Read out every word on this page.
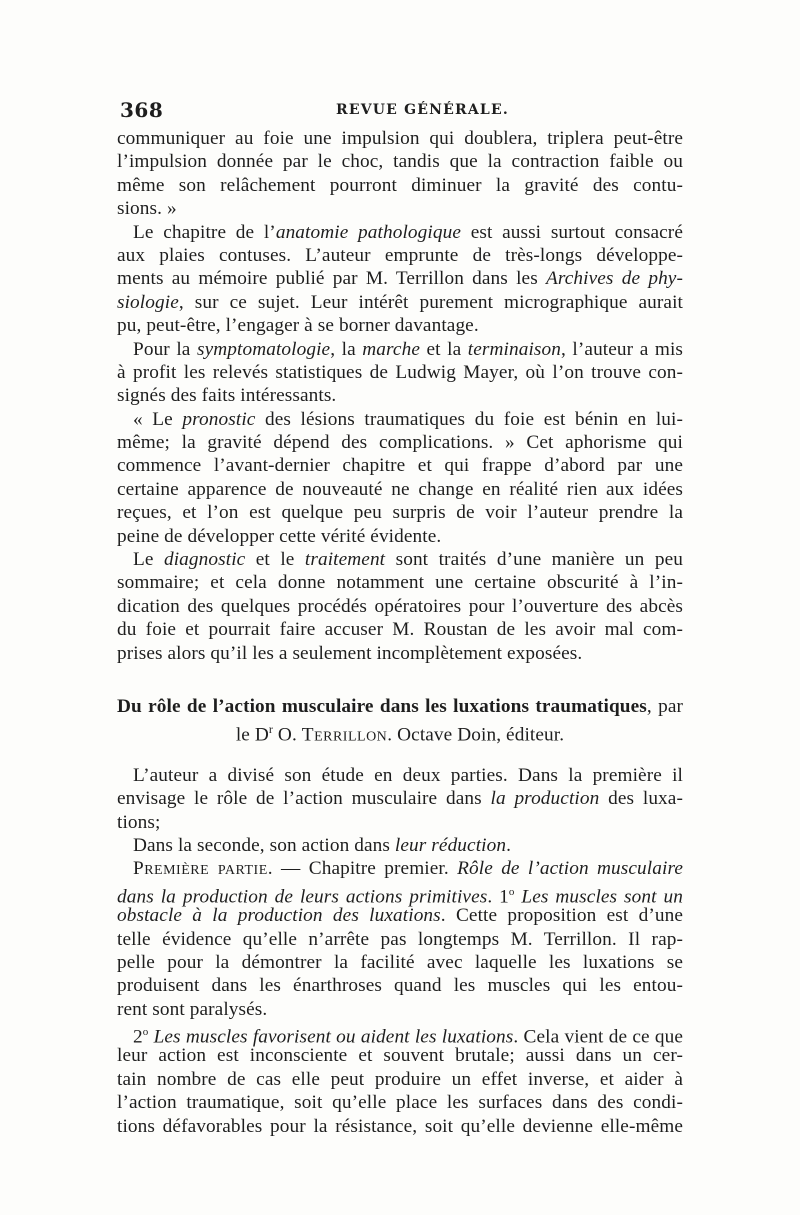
368	REVUE GÉNÉRALE.
communiquer au foie une impulsion qui doublera, triplera peut-être
l’impulsion donnée par le choc, tandis que la contraction faible ou
même son relâchement pourront diminuer la gravité des contu-
sions. »
Le chapitre de l’anatomie pathologique est aussi surtout consacré
aux plaies contuses. L’auteur emprunte de très-longs développe-
ments au mémoire publié par M. Terrillon dans les Archives de phy-
siologie, sur ce sujet. Leur intérêt purement micrographique aurait
pu, peut-être, l’engager à se borner davantage.
Pour la symptomatologie, la marche et la terminaison, l’auteur a mis
à profit les relevés statistiques de Ludwig Mayer, où l’on trouve con-
signés des faits intéressants.
« Le pronostic des lésions traumatiques du foie est bénin en lui-
même; la gravité dépend des complications. » Cet aphorisme qui
commence l’avant-dernier chapitre et qui frappe d’abord par une
certaine apparence de nouveauté ne change en réalité rien aux idées
reçues, et l’on est quelque peu surpris de voir l’auteur prendre la
peine de développer cette vérité évidente.
Le diagnostic et le traitement sont traités d’une manière un peu
sommaire; et cela donne notamment une certaine obscurité à l’in-
dication des quelques procédés opératoires pour l’ouverture des abcès
du foie et pourrait faire accuser M. Roustan de les avoir mal com-
prises alors qu’il les a seulement incomplètement exposées.
Du rôle de l’action musculaire dans les luxations traumatiques, par
le $D^r$ O. Terrillon. Octave Doin, éditeur.
L’auteur a divisé son étude en deux parties. Dans la première il
envisage le rôle de l’action musculaire dans la production des luxa-
tions;
Dans la seconde, son action dans leur réduction.
Première partie. — Chapitre premier. Rôle de l’action musculaire
dans la production de leurs actions primitives. 1$^o$ Les muscles sont un
obstacle à la production des luxations. Cette proposition est d’une
telle évidence qu’elle n’arrête pas longtemps M. Terrillon. Il rap-
pelle pour la démontrer la facilité avec laquelle les luxations se
produisent dans les énarthroses quand les muscles qui les entou-
rent sont paralysés.
2$^o$ Les muscles favorisent ou aident les luxations. Cela vient de ce que
leur action est inconsciente et souvent brutale; aussi dans un cer-
tain nombre de cas elle peut produire un effet inverse, et aider à
l’action traumatique, soit qu’elle place les surfaces dans des condi-
tions défavorables pour la résistance, soit qu’elle devienne elle-même
